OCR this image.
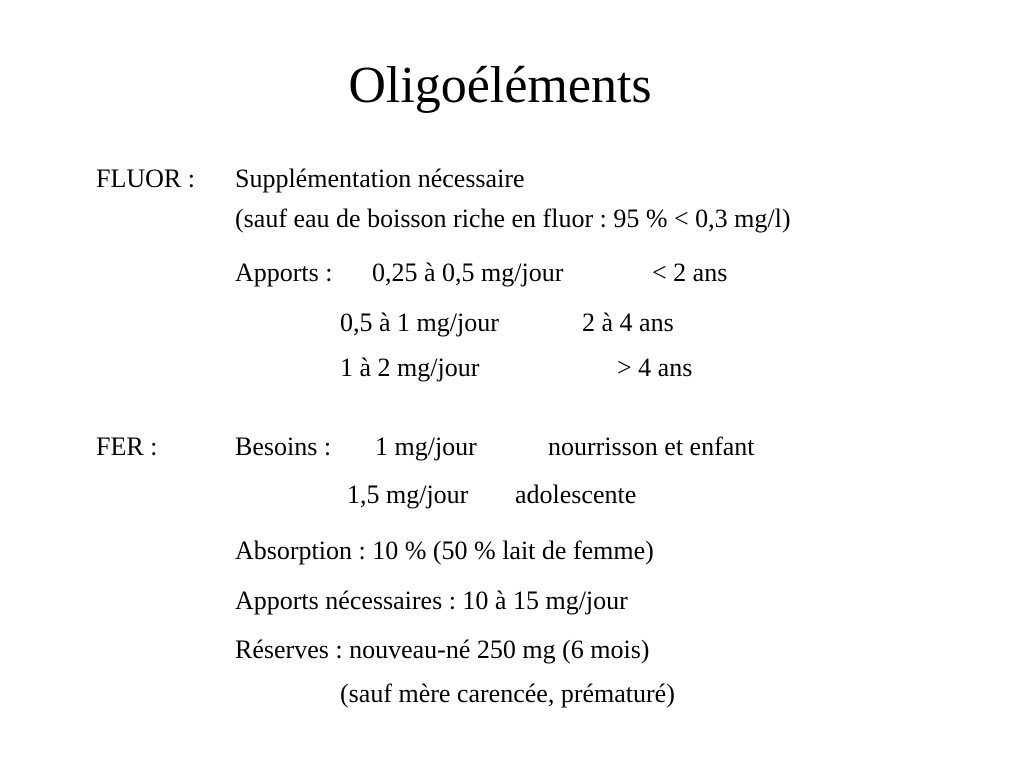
Oligoéléments
FLUOR : Supplémentation nécessaire
(sauf eau de boisson riche en fluor : 95 % < 0,3 mg/l)
Apports : 0,25 à 0,5 mg/jour	< 2 ans
0,5 à 1 mg/jour	2 à 4 ans
1 à 2 mg/jour	> 4 ans
FER :	Besoins : 1 mg/jour	nourrisson et enfant
1,5 mg/jour adolescente
Absorption : 10 % (50 % lait de femme)
Apports nécessaires : 10 à 15 mg/jour
Réserves : nouveau-né 250 mg (6 mois)
(sauf mère carencée, prématuré)
